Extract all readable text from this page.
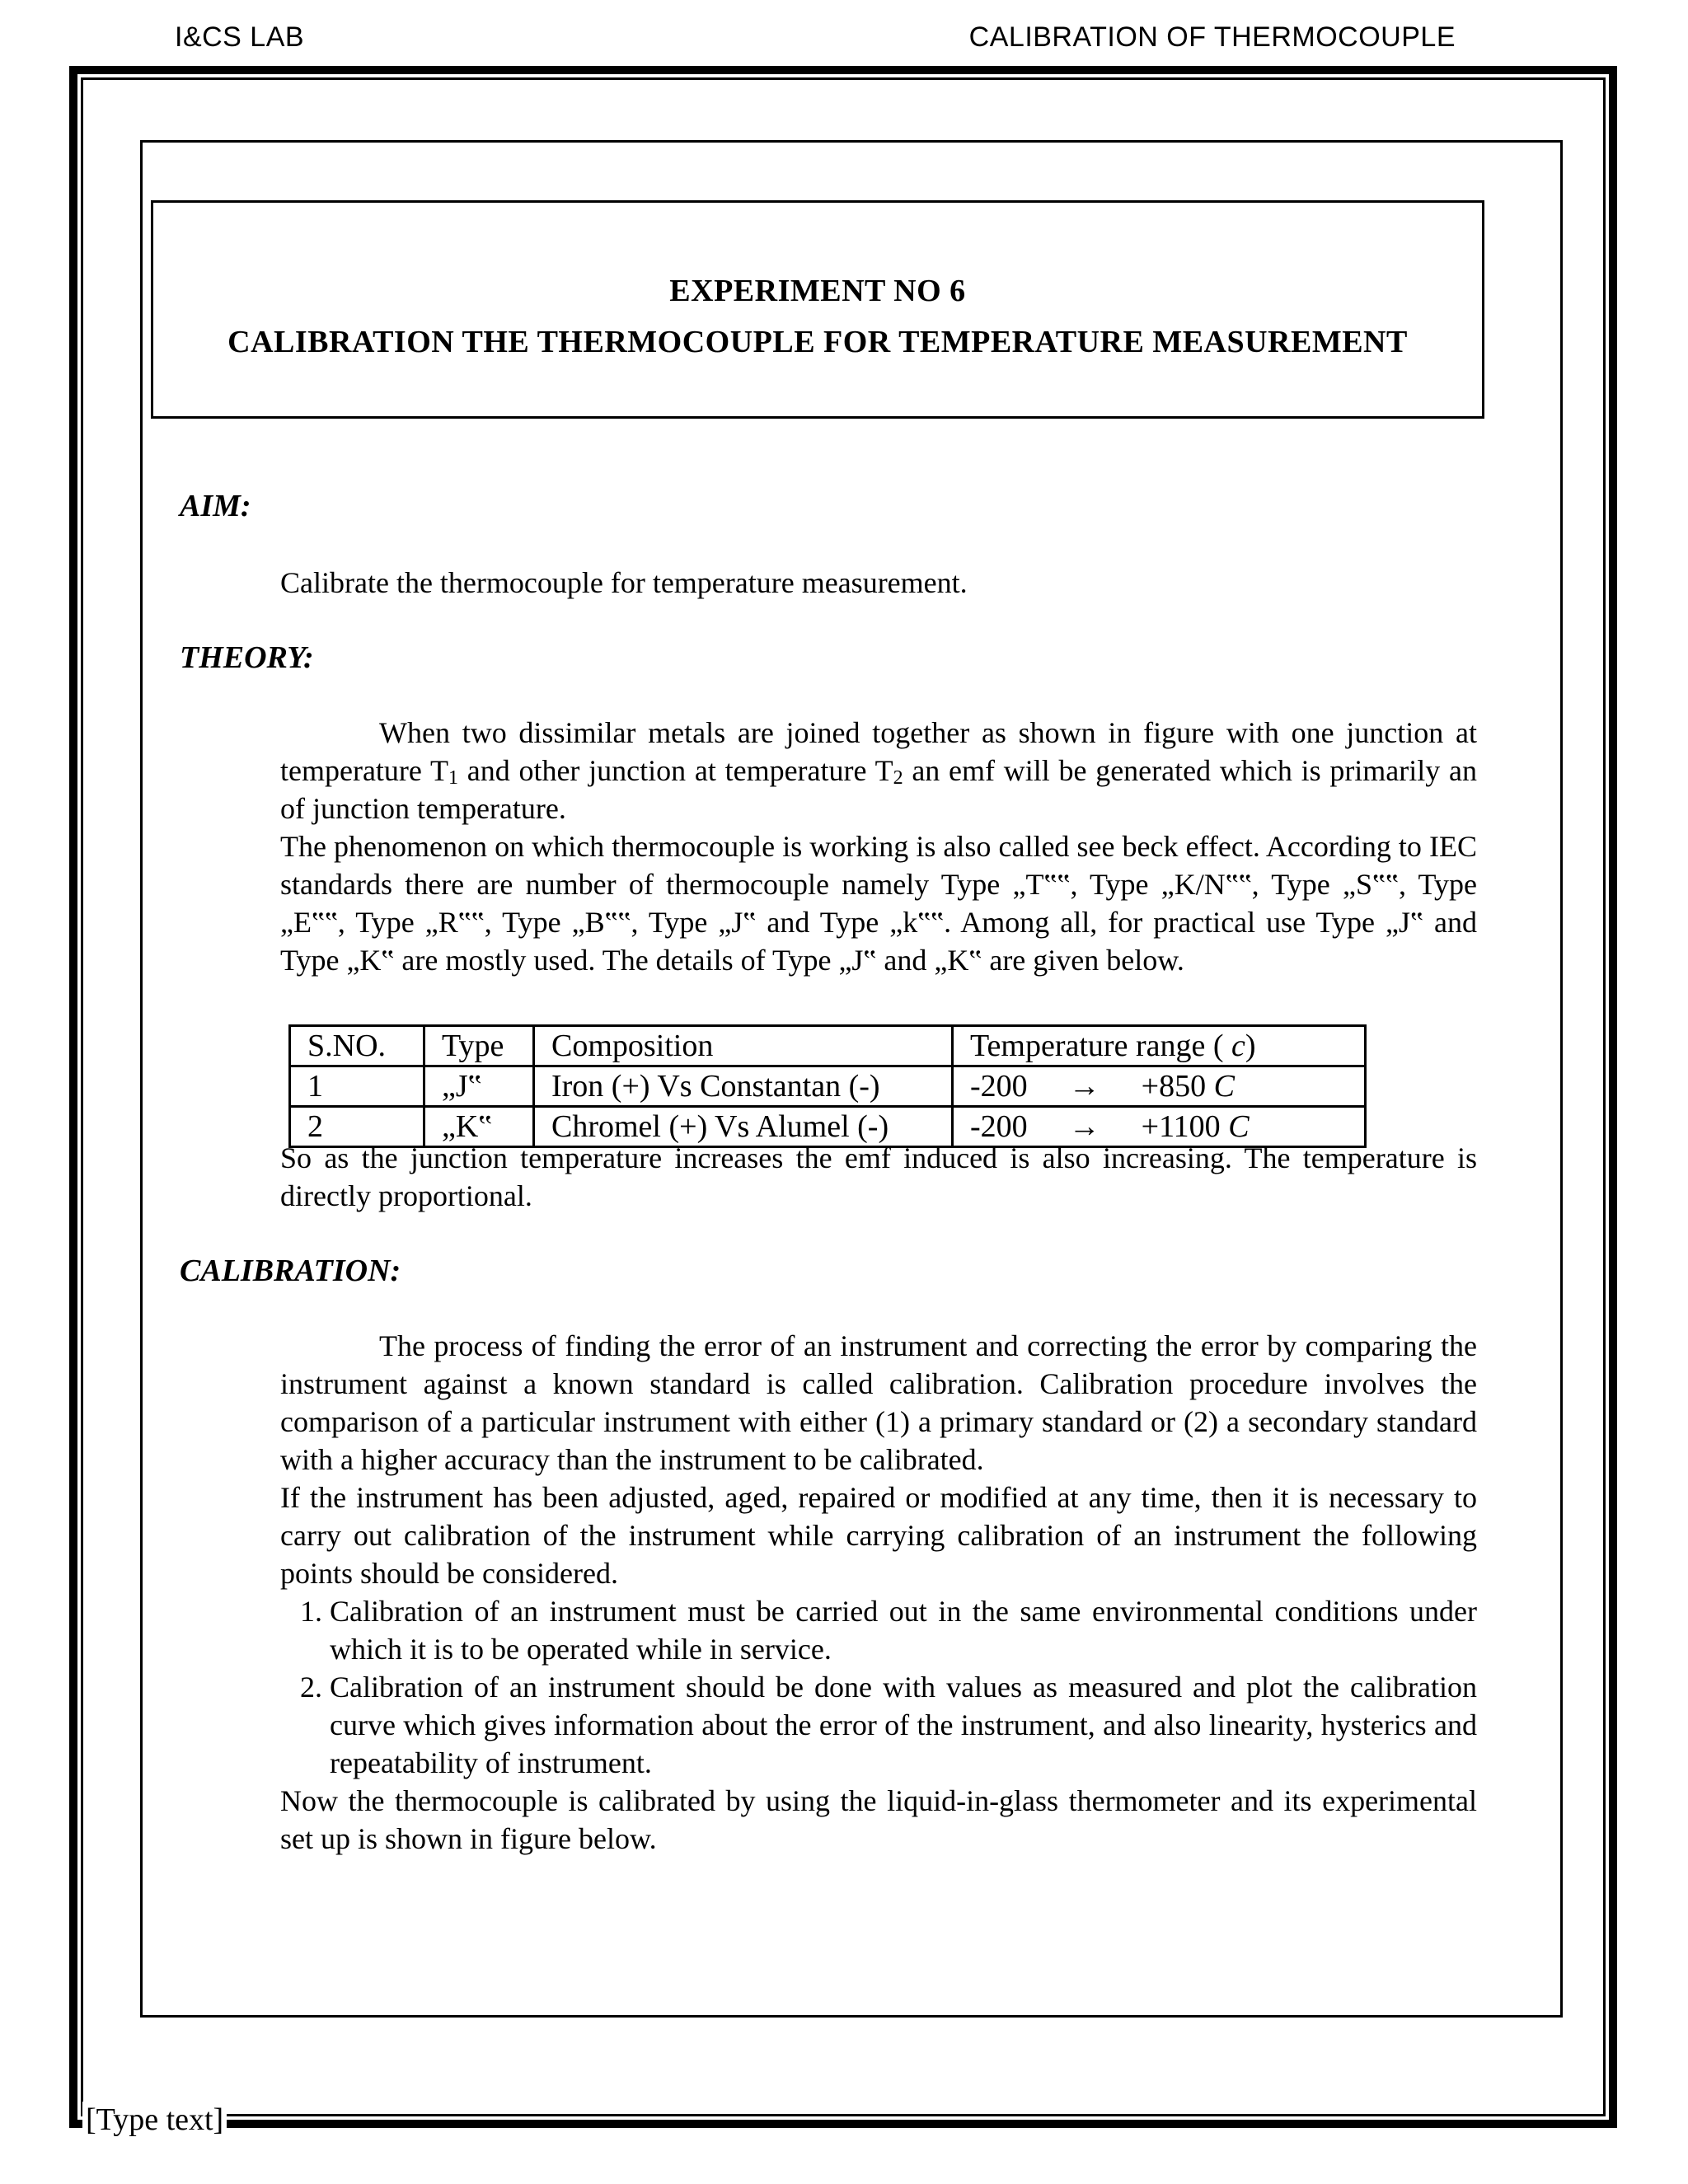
I&CS LAB	CALIBRATION OF THERMOCOUPLE
EXPERIMENT NO 6
CALIBRATION THE THERMOCOUPLE FOR TEMPERATURE MEASUREMENT
AIM:

Calibrate the thermocouple for temperature measurement.

THEORY:

When two dissimilar metals are joined together as shown in figure with one junction at temperature $T_1$ and other junction at temperature $T_2$ an emf will be generated which is primarily an of junction temperature.

The phenomenon on which thermocouple is working is also called see beck effect. According to IEC standards there are number of thermocouple namely Type „T‟‟, Type „K/N‟‟, Type „S‟‟, Type „E‟‟, Type „R‟‟, Type „B‟‟, Type „J‟ and Type „k‟‟. Among all, for practical use Type „J‟ and Type „K‟ are mostly used. The details of Type „J‟ and „K‟ are given below.

S.NO.	Type	Composition	Temperature range ( c)
1	„J‟	Iron (+) Vs Constantan (-)	-200 → +850 C
2	„K‟	Chromel (+) Vs Alumel (-)	-200 → +1100 C

So as the junction temperature increases the emf induced is also increasing. The temperature is directly proportional.

CALIBRATION:

The process of finding the error of an instrument and correcting the error by comparing the instrument against a known standard is called calibration. Calibration procedure involves the comparison of a particular instrument with either (1) a primary standard or (2) a secondary standard with a higher accuracy than the instrument to be calibrated.

If the instrument has been adjusted, aged, repaired or modified at any time, then it is necessary to carry out calibration of the instrument while carrying calibration of an instrument the following points should be considered.

1. Calibration of an instrument must be carried out in the same environmental conditions under which it is to be operated while in service.
2. Calibration of an instrument should be done with values as measured and plot the calibration curve which gives information about the error of the instrument, and also linearity, hysterics and repeatability of instrument.

Now the thermocouple is calibrated by using the liquid-in-glass thermometer and its experimental set up is shown in figure below.

[Type text]
